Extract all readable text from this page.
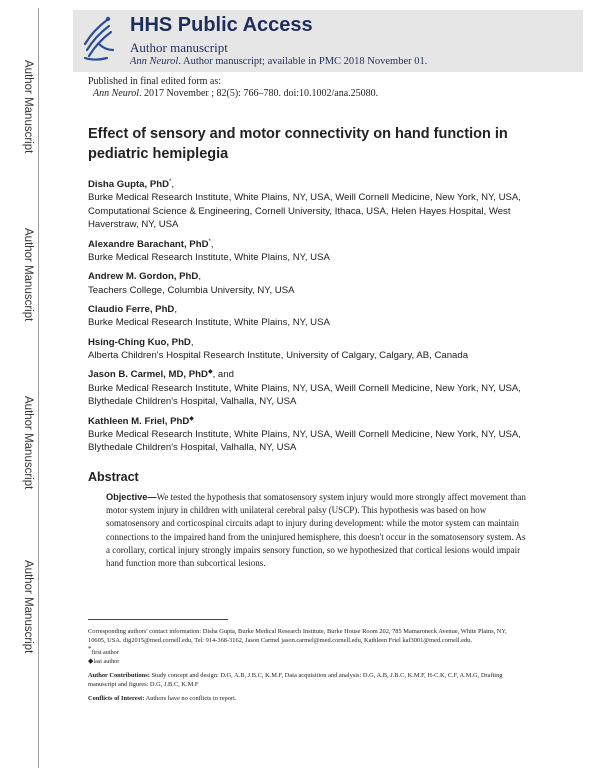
Author Manuscript
Author Manuscript
Author Manuscript
Author Manuscript
HHS Public Access
Author manuscript
Ann Neurol. Author manuscript; available in PMC 2018 November 01.
Published in final edited form as:
Ann Neurol. 2017 November ; 82(5): 766–780. doi:10.1002/ana.25080.
Effect of sensory and motor connectivity on hand function in pediatric hemiplegia
Disha Gupta, PhD*,
Burke Medical Research Institute, White Plains, NY, USA, Weill Cornell Medicine, New York, NY, USA, Computational Science & Engineering, Cornell University, Ithaca, USA, Helen Hayes Hospital, West Haverstraw, NY, USA
Alexandre Barachant, PhD*,
Burke Medical Research Institute, White Plains, NY, USA
Andrew M. Gordon, PhD,
Teachers College, Columbia University, NY, USA
Claudio Ferre, PhD,
Burke Medical Research Institute, White Plains, NY, USA
Hsing-Ching Kuo, PhD,
Alberta Children's Hospital Research Institute, University of Calgary, Calgary, AB, Canada
Jason B. Carmel, MD, PhD◆, and
Burke Medical Research Institute, White Plains, NY, USA, Weill Cornell Medicine, New York, NY, USA, Blythedale Children's Hospital, Valhalla, NY, USA
Kathleen M. Friel, PhD◆
Burke Medical Research Institute, White Plains, NY, USA, Weill Cornell Medicine, New York, NY, USA, Blythedale Children's Hospital, Valhalla, NY, USA
Abstract
Objective—We tested the hypothesis that somatosensory system injury would more strongly affect movement than motor system injury in children with unilateral cerebral palsy (USCP). This hypothesis was based on how somatosensory and corticospinal circuits adapt to injury during development: while the motor system can maintain connections to the impaired hand from the uninjured hemisphere, this doesn't occur in the somatosensory system. As a corollary, cortical injury strongly impairs sensory function, so we hypothesized that cortical lesions would impair hand function more than subcortical lesions.
Corresponding authors' contact information: Disha Gupta, Burke Medical Research Institute, Burke House Room 202, 785 Mamaroneck Avenue, White Plains, NY, 10605, USA. dig2015@med.cornell.edu, Tel: 914-368-3162, Jason Carmel jason.carmel@med.cornell.edu, Kathleen Friel kaf3001@med.cornell.edu.
*first author
◆last author
Author Contributions: Study concept and design: D.G, A.B, J.B.C, K.M.F, Data acquisition and analysis: D.G, A.B, J.B.C, K.M.F, H-C.K, C.F, A.M.G, Drafting manuscript and figures: D.G, J.B.C, K.M.F
Conflicts of Interest: Authors have no conflicts to report.
